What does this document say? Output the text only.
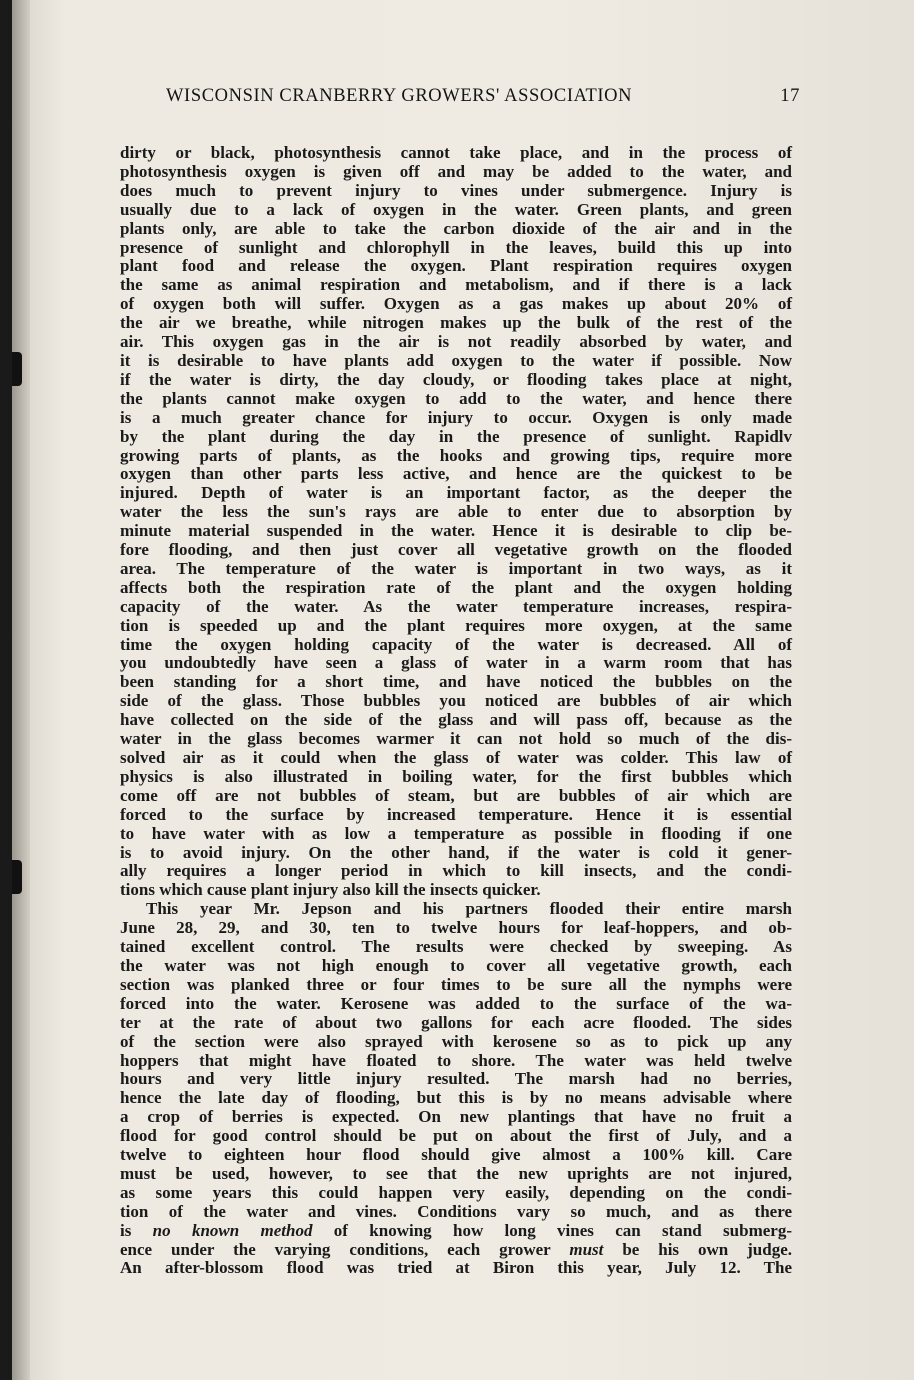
WISCONSIN CRANBERRY GROWERS' ASSOCIATION	17
dirty or black, photosynthesis cannot take place, and in the process of
photosynthesis oxygen is given off and may be added to the water, and
does much to prevent injury to vines under submergence. Injury is
usually due to a lack of oxygen in the water. Green plants, and green
plants only, are able to take the carbon dioxide of the air and in the
presence of sunlight and chlorophyll in the leaves, build this up into
plant food and release the oxygen. Plant respiration requires oxygen
the same as animal respiration and metabolism, and if there is a lack
of oxygen both will suffer. Oxygen as a gas makes up about 20% of
the air we breathe, while nitrogen makes up the bulk of the rest of the
air. This oxygen gas in the air is not readily absorbed by water, and
it is desirable to have plants add oxygen to the water if possible. Now
if the water is dirty, the day cloudy, or flooding takes place at night,
the plants cannot make oxygen to add to the water, and hence there
is a much greater chance for injury to occur. Oxygen is only made
by the plant during the day in the presence of sunlight. Rapidlv
growing parts of plants, as the hooks and growing tips, require more
oxygen than other parts less active, and hence are the quickest to be
injured. Depth of water is an important factor, as the deeper the
water the less the sun's rays are able to enter due to absorption by
minute material suspended in the water. Hence it is desirable to clip be-
fore flooding, and then just cover all vegetative growth on the flooded
area. The temperature of the water is important in two ways, as it
affects both the respiration rate of the plant and the oxygen holding
capacity of the water. As the water temperature increases, respira-
tion is speeded up and the plant requires more oxygen, at the same
time the oxygen holding capacity of the water is decreased. All of
you undoubtedly have seen a glass of water in a warm room that has
been standing for a short time, and have noticed the bubbles on the
side of the glass. Those bubbles you noticed are bubbles of air which
have collected on the side of the glass and will pass off, because as the
water in the glass becomes warmer it can not hold so much of the dis-
solved air as it could when the glass of water was colder. This law of
physics is also illustrated in boiling water, for the first bubbles which
come off are not bubbles of steam, but are bubbles of air which are
forced to the surface by increased temperature. Hence it is essential
to have water with as low a temperature as possible in flooding if one
is to avoid injury. On the other hand, if the water is cold it gener-
ally requires a longer period in which to kill insects, and the condi-
tions which cause plant injury also kill the insects quicker.
This year Mr. Jepson and his partners flooded their entire marsh
June 28, 29, and 30, ten to twelve hours for leaf-hoppers, and ob-
tained excellent control. The results were checked by sweeping. As
the water was not high enough to cover all vegetative growth, each
section was planked three or four times to be sure all the nymphs were
forced into the water. Kerosene was added to the surface of the wa-
ter at the rate of about two gallons for each acre flooded. The sides
of the section were also sprayed with kerosene so as to pick up any
hoppers that might have floated to shore. The water was held twelve
hours and very little injury resulted. The marsh had no berries,
hence the late day of flooding, but this is by no means advisable where
a crop of berries is expected. On new plantings that have no fruit a
flood for good control should be put on about the first of July, and a
twelve to eighteen hour flood should give almost a 100% kill. Care
must be used, however, to see that the new uprights are not injured,
as some years this could happen very easily, depending on the condi-
tion of the water and vines. Conditions vary so much, and as there
is no known method of knowing how long vines can stand submerg-
ence under the varying conditions, each grower must be his own judge.
An after-blossom flood was tried at Biron this year, July 12. The
